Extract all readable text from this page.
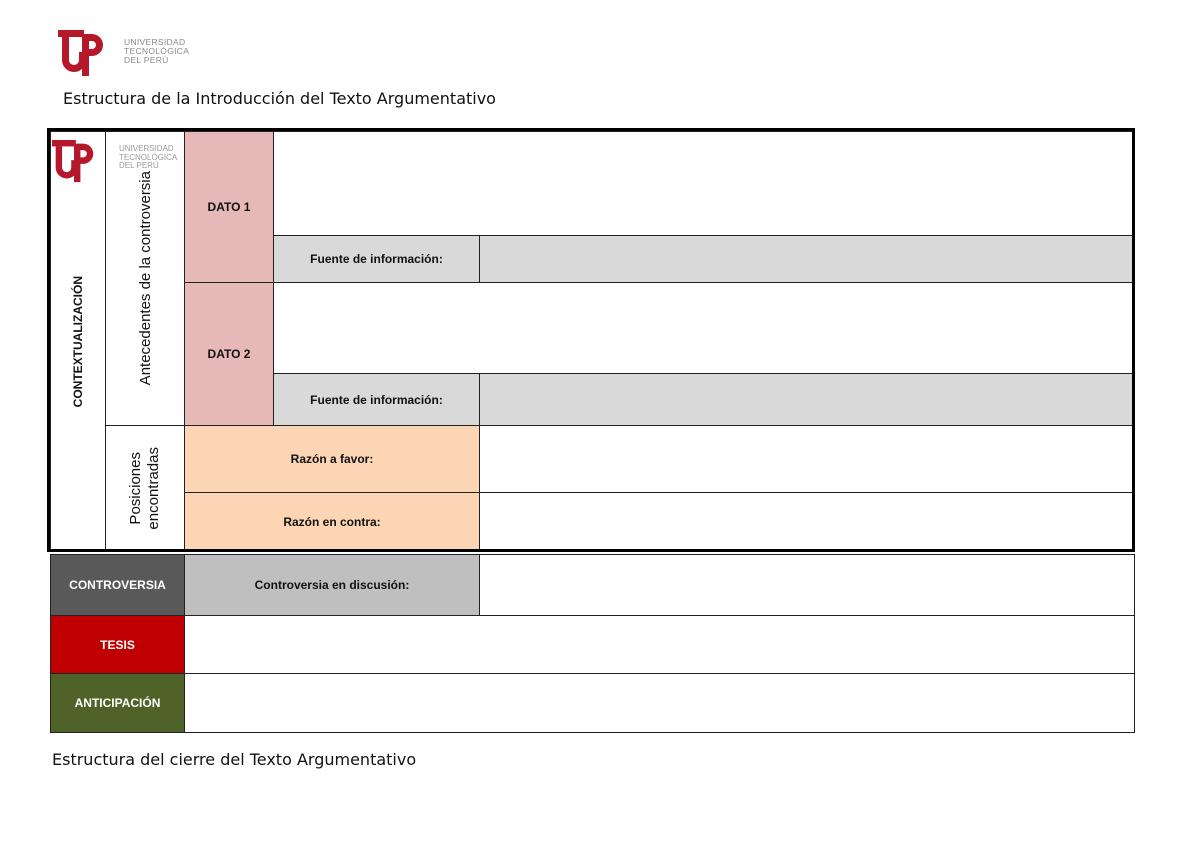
UNIVERSIDAD
TECNOLÓGICA
DEL PERÚ
Estructura de la Introducción del Texto Argumentativo
CONTEXTUALIZACIÓN	Antecedentes de la controversia
UNIVERSIDAD
TECNOLÓGICA
DEL PERÚ
Posiciones
encontradas
DATO 1
Fuente de información:
DATO 2
Fuente de información:
Razón a favor:
Razón en contra:
CONTROVERSIA	Controversia en discusión:
TESIS
ANTICIPACIÓN
Estructura del cierre del Texto Argumentativo
